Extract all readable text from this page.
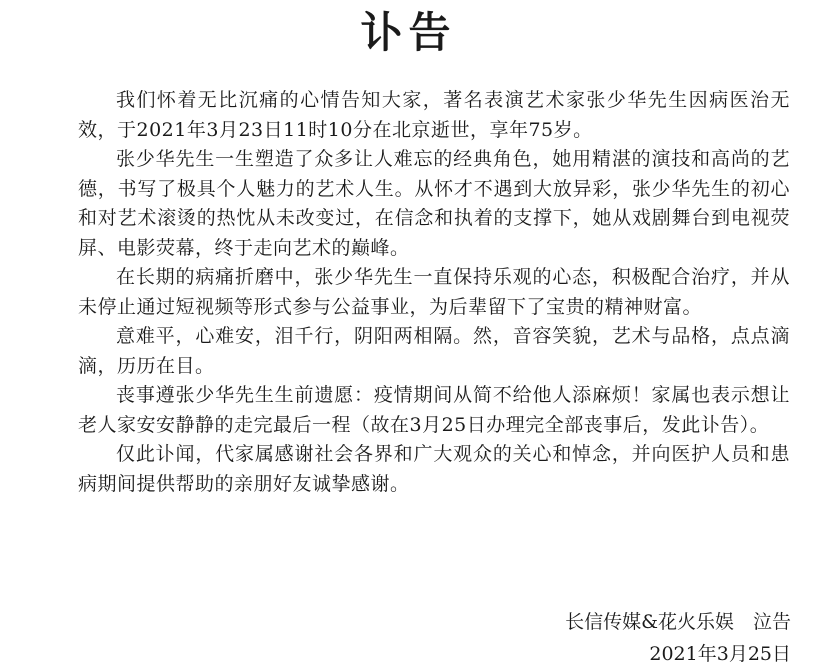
讣告

我们怀着无比沉痛的心情告知大家，著名表演艺术家张少华先生因病医治无效，于2021年3月23日11时10分在北京逝世，享年75岁。

张少华先生一生塑造了众多让人难忘的经典角色，她用精湛的演技和高尚的艺德，书写了极具个人魅力的艺术人生。从怀才不遇到大放异彩，张少华先生的初心和对艺术滚烫的热忱从未改变过，在信念和执着的支撑下，她从戏剧舞台到电视荧屏、电影荧幕，终于走向艺术的巅峰。

在长期的病痛折磨中，张少华先生一直保持乐观的心态，积极配合治疗，并从未停止通过短视频等形式参与公益事业，为后辈留下了宝贵的精神财富。

意难平，心难安，泪千行，阴阳两相隔。然，音容笑貌，艺术与品格，点点滴滴，历历在目。

丧事遵张少华先生生前遗愿：疫情期间从简不给他人添麻烦！家属也表示想让老人家安安静静的走完最后一程（故在3月25日办理完全部丧事后，发此讣告）。

仅此讣闻，代家属感谢社会各界和广大观众的关心和悼念，并向医护人员和患病期间提供帮助的亲朋好友诚挚感谢。

长信传媒&花火乐娱　泣告
2021年3月25日
